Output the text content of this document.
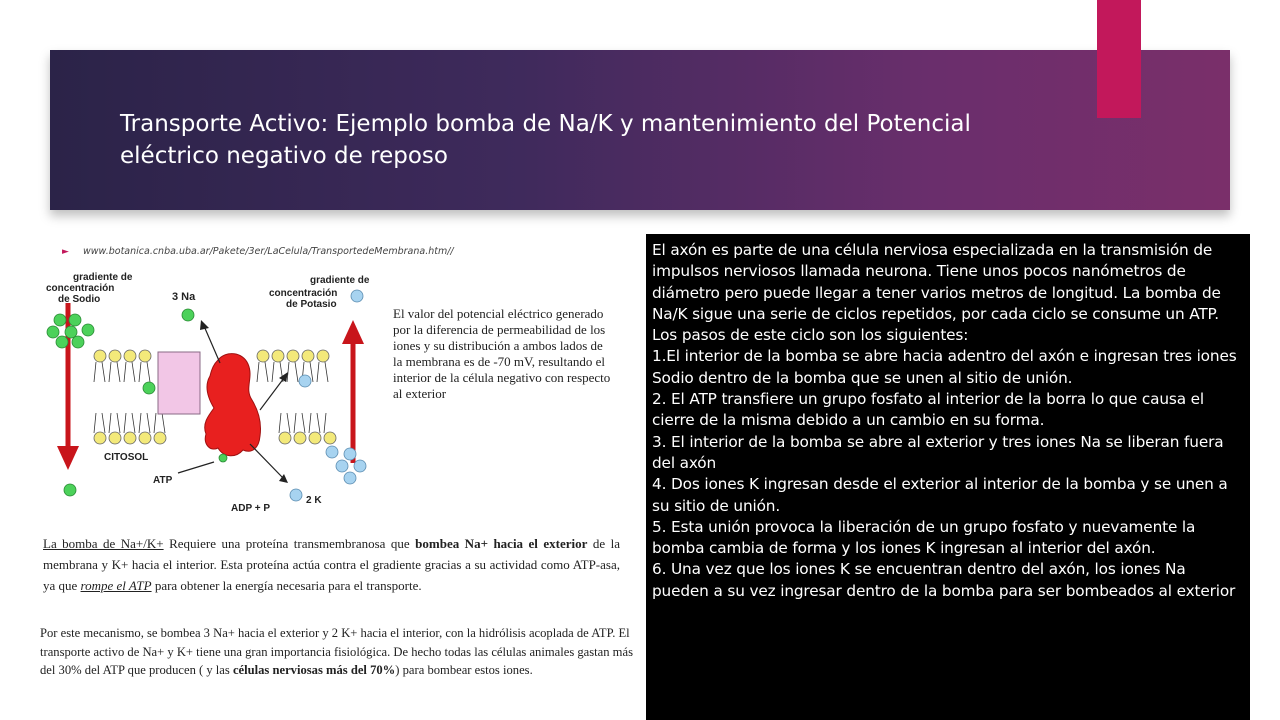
Transporte Activo: Ejemplo bomba de Na/K y mantenimiento del Potencial eléctrico negativo de reposo
► www.botanica.cnba.uba.ar/Pakete/3er/LaCelula/TransportedeMembrana.htm//
gradiente de concentración de Sodio
gradiente de concentración de Potasio
3 Na
CITOSOL
ATP
ADP + P
2 K
El valor del potencial eléctrico generado por la diferencia de permeabilidad de los iones y su distribución a ambos lados de la membrana es de -70 mV, resultando el interior de la célula negativo con respecto al exterior
La bomba de Na+/K+ Requiere una proteína transmembranosa que bombea Na+ hacia el exterior de la membrana y K+ hacia el interior. Esta proteína actúa contra el gradiente gracias a su actividad como ATP-asa, ya que rompe el ATP para obtener la energía necesaria para el transporte.
Por este mecanismo, se bombea 3 Na+ hacia el exterior y 2 K+ hacia el interior, con la hidrólisis acoplada de ATP. El transporte activo de Na+ y K+ tiene una gran importancia fisiológica. De hecho todas las células animales gastan más del 30% del ATP que producen ( y las células nerviosas más del 70%) para bombear estos iones.
El axón es parte de una célula nerviosa especializada en la transmisión de impulsos nerviosos llamada neurona. Tiene unos pocos nanómetros de diámetro pero puede llegar a tener varios metros de longitud. La bomba de Na/K sigue una serie de ciclos repetidos, por cada ciclo se consume un ATP. Los pasos de este ciclo son los siguientes:
1.El interior de la bomba se abre hacia adentro del axón e ingresan tres iones Sodio dentro de la bomba que se unen al sitio de unión.
2. El ATP transfiere un grupo fosfato al interior de la borra lo que causa el cierre de la misma debido a un cambio en su forma.
3. El interior de la bomba se abre al exterior y tres iones Na se liberan fuera del axón
4. Dos iones K ingresan desde el exterior al interior de la bomba y se unen a su sitio de unión.
5. Esta unión provoca la liberación de un grupo fosfato y nuevamente la bomba cambia de forma y los iones K ingresan al interior del axón.
6. Una vez que los iones K se encuentran dentro del axón, los iones Na pueden a su vez ingresar dentro de la bomba para ser bombeados al exterior
